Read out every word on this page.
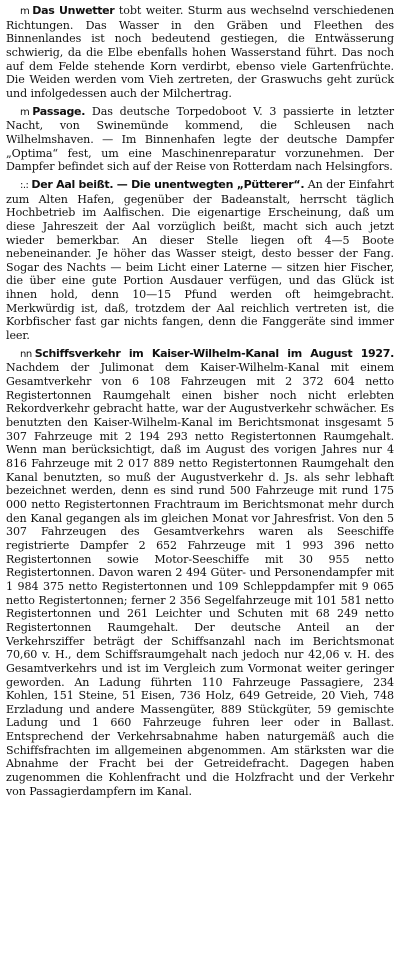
m Das Unwetter tobt weiter. Sturm aus wechselnd verschiedenen Richtungen. Das Wasser in den Gräben und Fleethen des Binnenlandes ist noch bedeutend gestiegen, die Entwässerung schwierig, da die Elbe ebenfalls hohen Wasserstand führt. Das noch auf dem Felde stehende Korn verdirbt, ebenso viele Gartenfrüchte. Die Weiden werden vom Vieh zertreten, der Graswuchs geht zurück und infolgedessen auch der Milchertrag.

m Passage. Das deutsche Torpedoboot V. 3 passierte in letzter Nacht, von Swinemünde kommend, die Schleusen nach Wilhelmshaven. — Im Binnenhafen legte der deutsche Dampfer „Optima“ fest, um eine Maschinenreparatur vorzunehmen. Der Dampfer befindet sich auf der Reise von Rotterdam nach Helsingfors.

:.: Der Aal beißt. — Die unentwegten „Pütterer“. An der Einfahrt zum Alten Hafen, gegenüber der Badeanstalt, herrscht täglich Hochbetrieb im Aalfischen. Die eigenartige Erscheinung, daß um diese Jahreszeit der Aal vorzüglich beißt, macht sich auch jetzt wieder bemerkbar. An dieser Stelle liegen oft 4—5 Boote nebeneinander. Je höher das Wasser steigt, desto besser der Fang. Sogar des Nachts — beim Licht einer Laterne — sitzen hier Fischer, die über eine gute Portion Ausdauer verfügen, und das Glück ist ihnen hold, denn 10—15 Pfund werden oft heimgebracht. Merkwürdig ist, daß, trotzdem der Aal reichlich vertreten ist, die Korbfischer fast gar nichts fangen, denn die Fanggeräte sind immer leer.

nn Schiffsverkehr im Kaiser-Wilhelm-Kanal im August 1927. Nachdem der Julimonat dem Kaiser-Wilhelm-Kanal mit einem Gesamtverkehr von 6 108 Fahrzeugen mit 2 372 604 netto Registertonnen Raumgehalt einen bisher noch nicht erlebten Rekordverkehr gebracht hatte, war der Augustverkehr schwächer. Es benutzten den Kaiser-Wilhelm-Kanal im Berichtsmonat insgesamt 5 307 Fahrzeuge mit 2 194 293 netto Registertonnen Raumgehalt. Wenn man berücksichtigt, daß im August des vorigen Jahres nur 4 816 Fahrzeuge mit 2 017 889 netto Registertonnen Raumgehalt den Kanal benutzten, so muß der Augustverkehr d. Js. als sehr lebhaft bezeichnet werden, denn es sind rund 500 Fahrzeuge mit rund 175 000 netto Registertonnen Frachtraum im Berichtsmonat mehr durch den Kanal gegangen als im gleichen Monat vor Jahresfrist. Von den 5 307 Fahrzeugen des Gesamtverkehrs waren als Seeschiffe registrierte Dampfer 2 652 Fahrzeuge mit 1 993 396 netto Registertonnen sowie Motor-Seeschiffe mit 30 955 netto Registertonnen. Davon waren 2 494 Güter- und Personendampfer mit 1 984 375 netto Registertonnen und 109 Schleppdampfer mit 9 065 netto Registertonnen; ferner 2 356 Segelfahrzeuge mit 101 581 netto Registertonnen und 261 Leichter und Schuten mit 68 249 netto Registertonnen Raumgehalt. Der deutsche Anteil an der Verkehrsziffer beträgt der Schiffsanzahl nach im Berichtsmonat 70,60 v. H., dem Schiffsraumgehalt nach jedoch nur 42,06 v. H. des Gesamtverkehrs und ist im Vergleich zum Vormonat weiter geringer geworden. An Ladung führten 110 Fahrzeuge Passagiere, 234 Kohlen, 151 Steine, 51 Eisen, 736 Holz, 649 Getreide, 20 Vieh, 748 Erzladung und andere Massengüter, 889 Stückgüter, 59 gemischte Ladung und 1 660 Fahrzeuge fuhren leer oder in Ballast. Entsprechend der Verkehrsabnahme haben naturgemäß auch die Schiffsfrachten im allgemeinen abgenommen. Am stärksten war die Abnahme der Fracht bei der Getreidefracht. Dagegen haben zugenommen die Kohlenfracht und die Holzfracht und der Verkehr von Passagierdampfern im Kanal.
